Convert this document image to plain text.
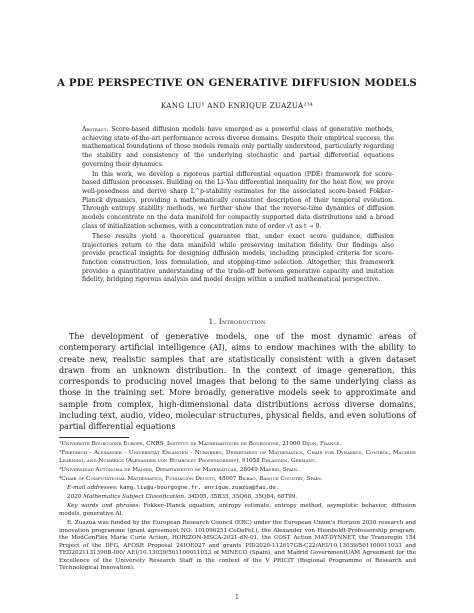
A PDE PERSPECTIVE ON GENERATIVE DIFFUSION MODELS
KANG LIU¹ AND ENRIQUE ZUAZUA²³⁴

Abstract. Score-based diffusion models have emerged as a powerful class of generative methods, achieving state-of-the-art performance across diverse domains. Despite their empirical success, the mathematical foundations of those models remain only partially understood, particularly regarding the stability and consistency of the underlying stochastic and partial differential equations governing their dynamics.

In this work, we develop a rigorous partial differential equation (PDE) framework for score-based diffusion processes. Building on the Li–Yau differential inequality for the heat flow, we prove well-posedness and derive sharp L^p-stability estimates for the associated score-based Fokker–Planck dynamics, providing a mathematically consistent description of their temporal evolution. Through entropy stability methods, we further show that the reverse-time dynamics of diffusion models concentrate on the data manifold for compactly supported data distributions and a broad class of initialization schemes, with a concentration rate of order √t as t → 0.

These results yield a theoretical guarantee that, under exact score guidance, diffusion trajectories return to the data manifold while preserving imitation fidelity. Our findings also provide practical insights for designing diffusion models, including principled criteria for score-function construction, loss formulation, and stopping-time selection. Altogether, this framework provides a quantitative understanding of the trade-off between generative capacity and imitation fidelity, bridging rigorous analysis and model design within a unified mathematical perspective.

1. Introduction

The development of generative models, one of the most dynamic areas of contemporary artificial intelligence (AI), aims to endow machines with the ability to create new, realistic samples that are statistically consistent with a given dataset drawn from an unknown distribution. In the context of image generation, this corresponds to producing novel images that belong to the same underlying class as those in the training set. More broadly, generative models seek to approximate and sample from complex, high-dimensional data distributions across diverse domains, including text, audio, video, molecular structures, physical fields, and even solutions of partial differential equations

¹Université Bourgogne Europe, CNRS, Institut de Mathématiques de Bourgogne, 21000 Dijon, France.

²Friedrich - Alexander - Universität Erlangen - Nürnberg, Department of Mathematics, Chair for Dynamics, Control, Machine Learning, and Numerics (Alexander von Humboldt Professorship), 91058 Erlangen, Germany.

³Universidad Autónoma de Madrid, Departamento de Matemáticas, 28049 Madrid, Spain.

⁴Chair of Computational Mathematics, Fundación Deusto, 48007 Bilbao, Basque Country, Spain.

E-mail addresses: kang.liu@u-bourgogne.fr, enrique.zuazua@fau.de.

2020 Mathematics Subject Classification. 34D05, 35B35, 35Q68, 35Q84, 68T99.

Key words and phrases. Fokker–Planck equation, entropy estimate, entropy method, asymptotic behavior, diffusion models, generative AI.

E. Zuazua was funded by the European Research Council (ERC) under the European Union's Horizon 2030 research and innovation programme (grant agreement NO: 101096251-CoDeFeL), the Alexander von Humboldt-Professorship program, the ModConFlex Marie Curie Action, HORIZON-MSCA-2021-dN-01, the COST Action MAT-DYNNET, the Transregio 154 Project of the DFG, AFOSR Proposal 24IOE027 and grants PID2020-112617GB-C22/AEI/10.13039/501100011033 and TED2021131390B-I00/ AEI/10.13039/501100011033 of MINECO (Spain), and Madrid GovernmentUAM Agreement for the Excellence of the University Research Staff in the context of the V PRICIT (Regional Programme of Research and Technological Innovation).

1
